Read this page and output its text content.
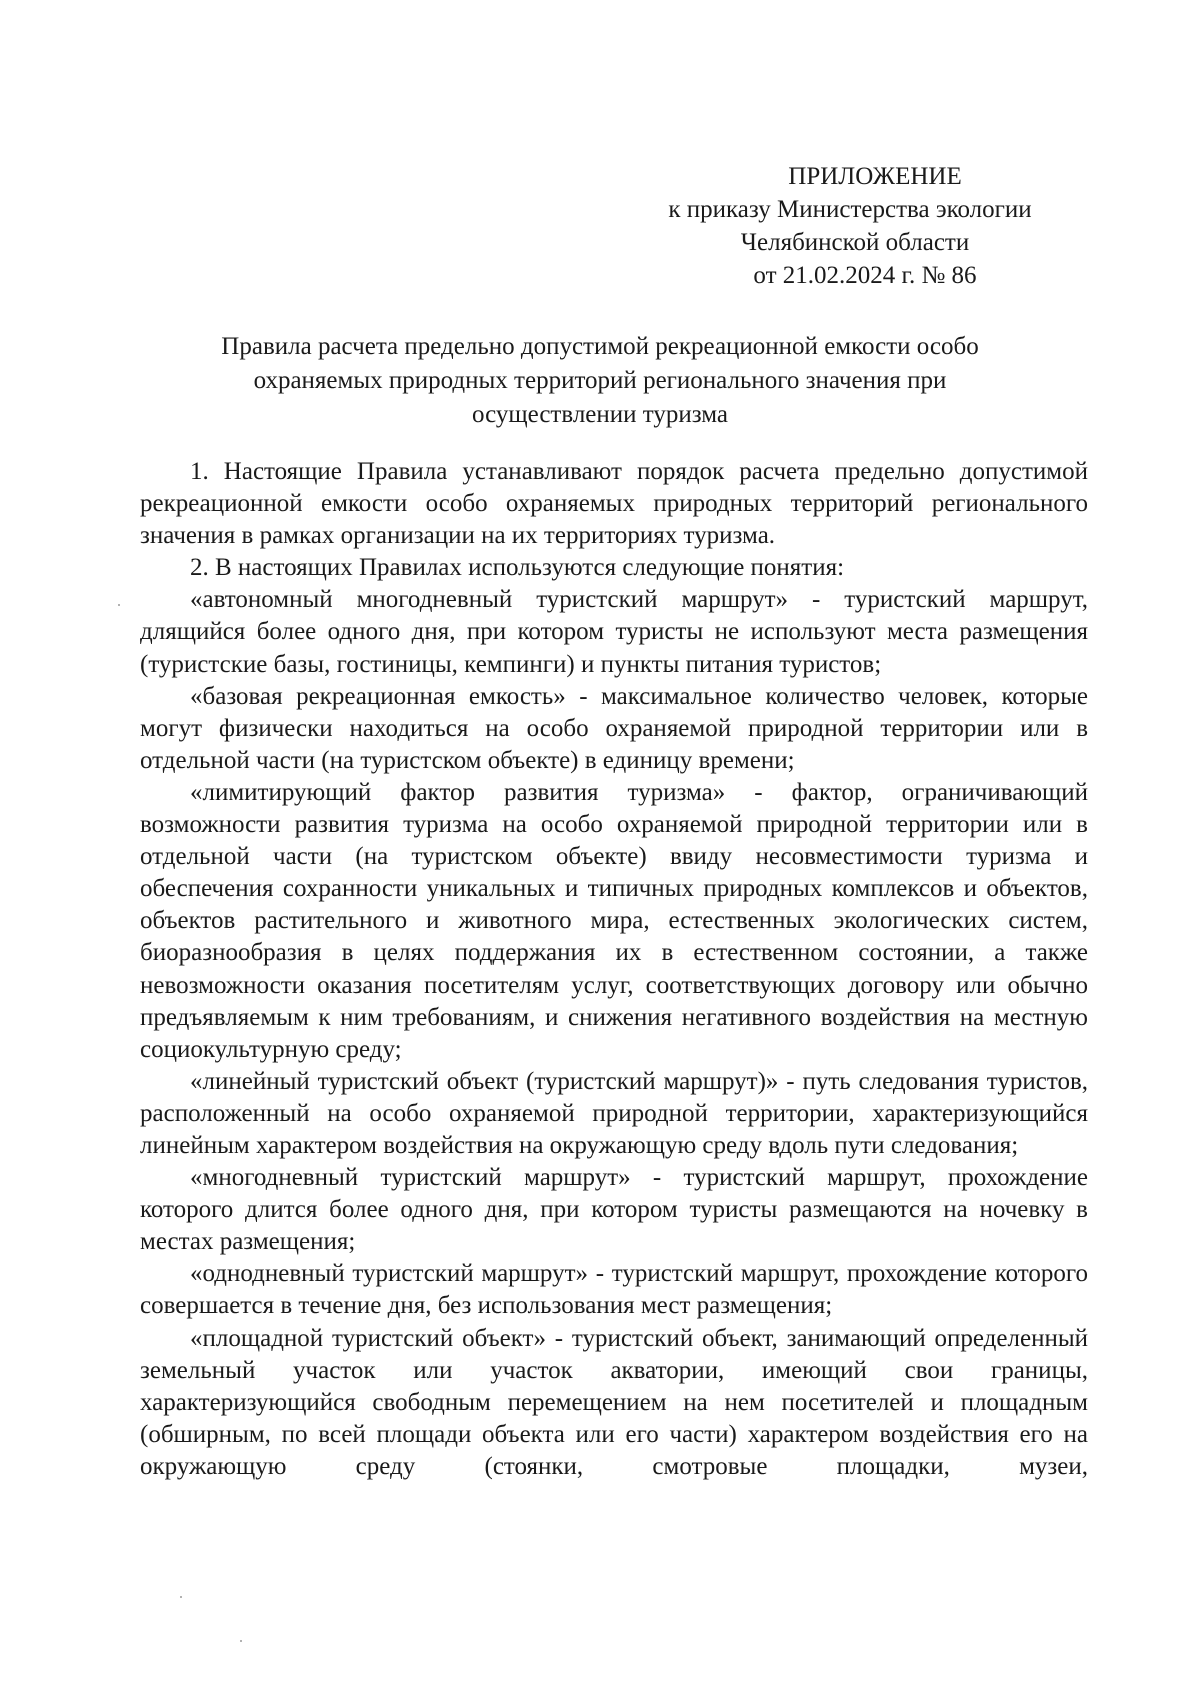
ПРИЛОЖЕНИЕ
к приказу Министерства экологии
Челябинской области
от 21.02.2024 г. № 86
Правила расчета предельно допустимой рекреационной емкости особо
охраняемых природных территорий регионального значения при
осуществлении туризма

1. Настоящие Правила устанавливают порядок расчета предельно допустимой рекреационной емкости особо охраняемых природных территорий регионального значения в рамках организации на их территориях туризма.

2. В настоящих Правилах используются следующие понятия:

«автономный многодневный туристский маршрут» - туристский маршрут, длящийся более одного дня, при котором туристы не используют места размещения (туристские базы, гостиницы, кемпинги) и пункты питания туристов;

«базовая рекреационная емкость» - максимальное количество человек, которые могут физически находиться на особо охраняемой природной территории или в отдельной части (на туристском объекте) в единицу времени;

«лимитирующий фактор развития туризма» - фактор, ограничивающий возможности развития туризма на особо охраняемой природной территории или в отдельной части (на туристском объекте) ввиду несовместимости туризма и обеспечения сохранности уникальных и типичных природных комплексов и объектов, объектов растительного и животного мира, естественных экологических систем, биоразнообразия в целях поддержания их в естественном состоянии, а также невозможности оказания посетителям услуг, соответствующих договору или обычно предъявляемым к ним требованиям, и снижения негативного воздействия на местную социокультурную среду;

«линейный туристский объект (туристский маршрут)» - путь следования туристов, расположенный на особо охраняемой природной территории, характеризующийся линейным характером воздействия на окружающую среду вдоль пути следования;

«многодневный туристский маршрут» - туристский маршрут, прохождение которого длится более одного дня, при котором туристы размещаются на ночевку в местах размещения;

«однодневный туристский маршрут» - туристский маршрут, прохождение которого совершается в течение дня, без использования мест размещения;

«площадной туристский объект» - туристский объект, занимающий определенный земельный участок или участок акватории, имеющий свои границы, характеризующийся свободным перемещением на нем посетителей и площадным (обширным, по всей площади объекта или его части) характером воздействия его на окружающую среду (стоянки, смотровые площадки, музеи,
